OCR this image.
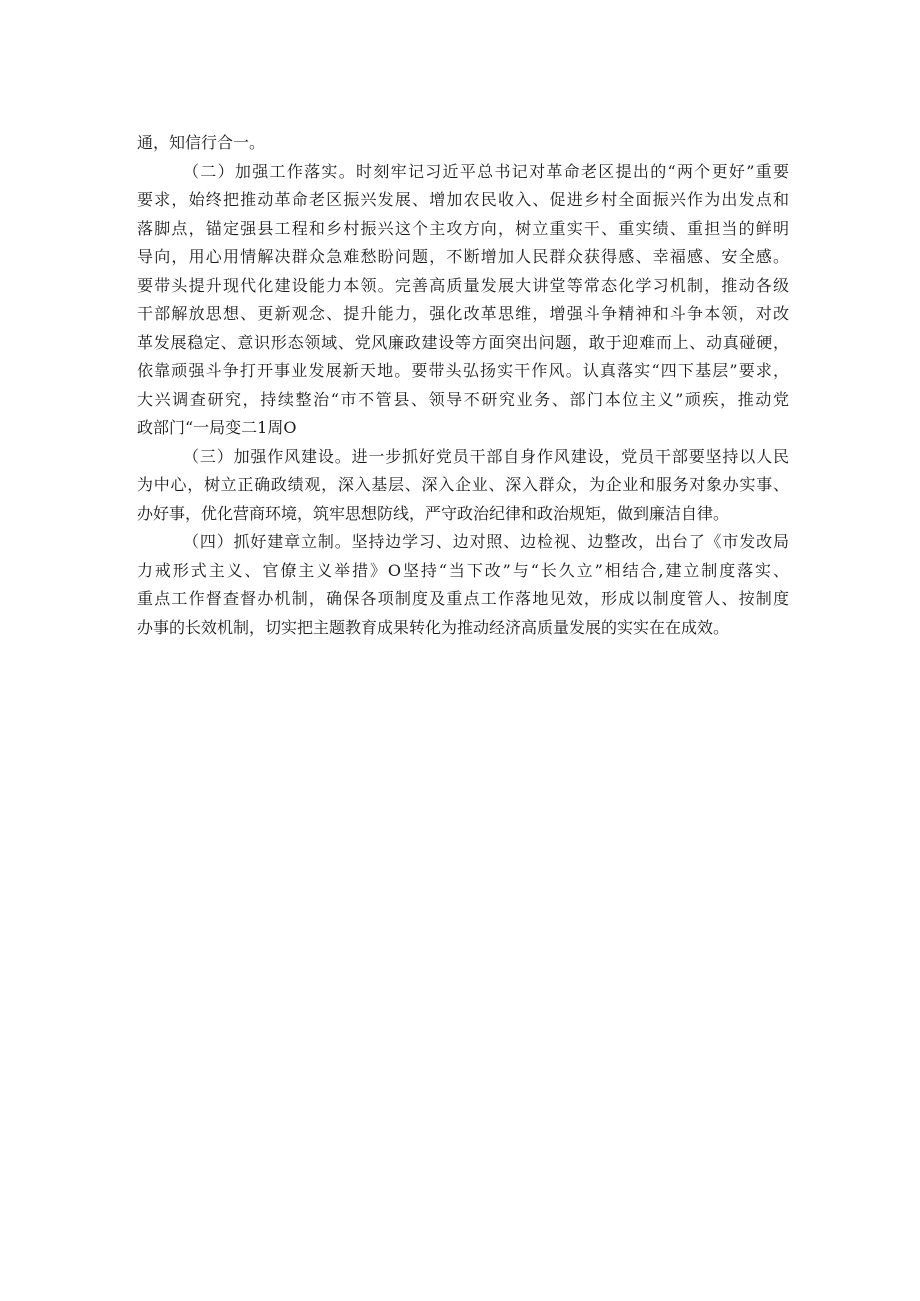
通，知信行合一。
（二）加强工作落实。时刻牢记习近平总书记对革命老区提出的“两个更好”重要
要求，始终把推动革命老区振兴发展、增加农民收入、促进乡村全面振兴作为出发点和
落脚点，锚定强县工程和乡村振兴这个主攻方向，树立重实干、重实绩、重担当的鲜明
导向，用心用情解决群众急难愁盼问题，不断增加人民群众获得感、幸福感、安全感。
要带头提升现代化建设能力本领。完善高质量发展大讲堂等常态化学习机制，推动各级
干部解放思想、更新观念、提升能力，强化改革思维，增强斗争精神和斗争本领，对改
革发展稳定、意识形态领域、党风廉政建设等方面突出问题，敢于迎难而上、动真碰硬，
依靠顽强斗争打开事业发展新天地。要带头弘扬实干作风。认真落实“四下基层”要求，
大兴调查研究，持续整治“市不管县、领导不研究业务、部门本位主义”顽疾，推动党
政部门“一局变二1周O
（三）加强作风建设。进一步抓好党员干部自身作风建设，党员干部要坚持以人民
为中心，树立正确政绩观，深入基层、深入企业、深入群众，为企业和服务对象办实事、
办好事，优化营商环境，筑牢思想防线，严守政治纪律和政治规矩，做到廉洁自律。
（四）抓好建章立制。坚持边学习、边对照、边检视、边整改，出台了《市发改局
力戒形式主义、官僚主义举措》O坚持“当下改”与“长久立”相结合,建立制度落实、
重点工作督查督办机制，确保各项制度及重点工作落地见效，形成以制度管人、按制度
办事的长效机制，切实把主题教育成果转化为推动经济高质量发展的实实在在成效。
